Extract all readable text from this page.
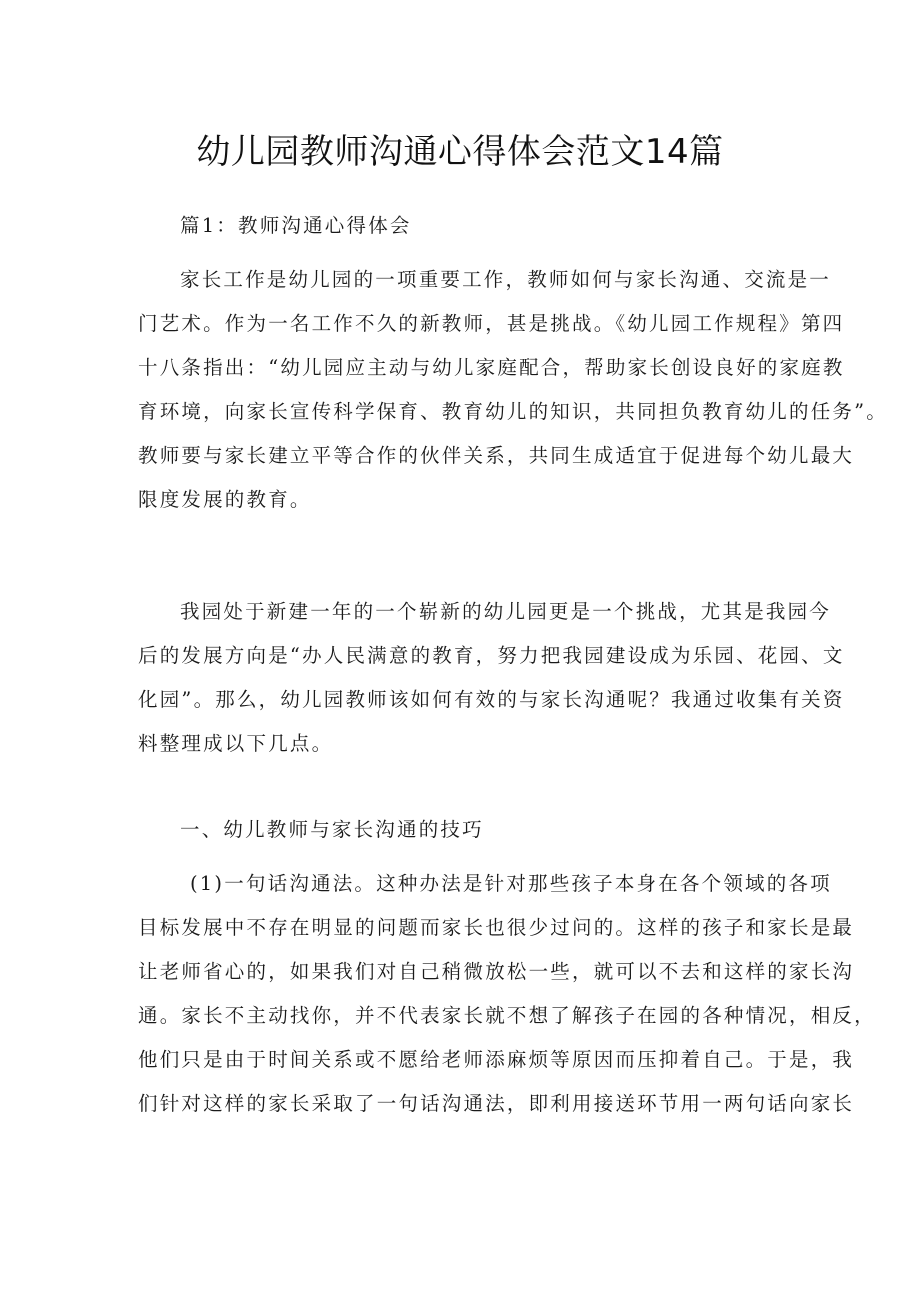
幼儿园教师沟通心得体会范文14篇

篇1：教师沟通心得体会

家长工作是幼儿园的一项重要工作，教师如何与家长沟通、交流是一
门艺术。作为一名工作不久的新教师，甚是挑战。《幼儿园工作规程》第四
十八条指出：“幼儿园应主动与幼儿家庭配合，帮助家长创设良好的家庭教
育环境，向家长宣传科学保育、教育幼儿的知识，共同担负教育幼儿的任务”。
教师要与家长建立平等合作的伙伴关系，共同生成适宜于促进每个幼儿最大
限度发展的教育。
我园处于新建一年的一个崭新的幼儿园更是一个挑战，尤其是我园今
后的发展方向是“办人民满意的教育，努力把我园建设成为乐园、花园、文
化园”。那么，幼儿园教师该如何有效的与家长沟通呢？我通过收集有关资
料整理成以下几点。

一、幼儿教师与家长沟通的技巧

(1)一句话沟通法。这种办法是针对那些孩子本身在各个领域的各项
目标发展中不存在明显的问题而家长也很少过问的。这样的孩子和家长是最
让老师省心的，如果我们对自己稍微放松一些，就可以不去和这样的家长沟
通。家长不主动找你，并不代表家长就不想了解孩子在园的各种情况，相反，
他们只是由于时间关系或不愿给老师添麻烦等原因而压抑着自己。于是，我
们针对这样的家长采取了一句话沟通法，即利用接送环节用一两句话向家长
